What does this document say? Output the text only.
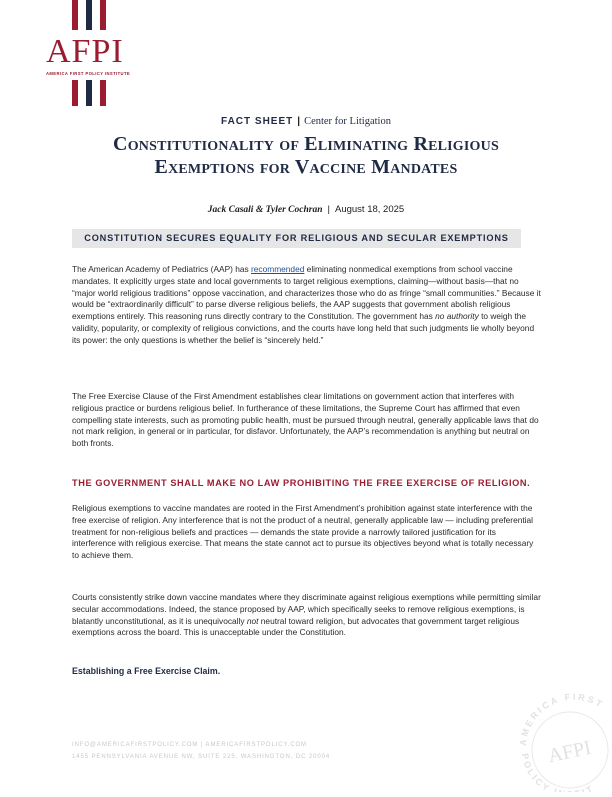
AFPI
AMERICA FIRST POLICY INSTITUTE
FACT SHEET | Center for Litigation
Constitutionality of Eliminating Religious Exemptions for Vaccine Mandates
Jack Casali & Tyler Cochran | August 18, 2025
CONSTITUTION SECURES EQUALITY FOR RELIGIOUS AND SECULAR EXEMPTIONS
The American Academy of Pediatrics (AAP) has recommended eliminating nonmedical exemptions from school vaccine mandates. It explicitly urges state and local governments to target religious exemptions, claiming—without basis—that no “major world religious traditions” oppose vaccination, and characterizes those who do as fringe “small communities.” Because it would be “extraordinarily difficult” to parse diverse religious beliefs, the AAP suggests that government abolish religious exemptions entirely. This reasoning runs directly contrary to the Constitution. The government has no authority to weigh the validity, popularity, or complexity of religious convictions, and the courts have long held that such judgments lie wholly beyond its power: the only questions is whether the belief is “sincerely held.”
The Free Exercise Clause of the First Amendment establishes clear limitations on government action that interferes with religious practice or burdens religious belief. In furtherance of these limitations, the Supreme Court has affirmed that even compelling state interests, such as promoting public health, must be pursued through neutral, generally applicable laws that do not mark religion, in general or in particular, for disfavor. Unfortunately, the AAP’s recommendation is anything but neutral on both fronts.
THE GOVERNMENT SHALL MAKE NO LAW PROHIBITING THE FREE EXERCISE OF RELIGION.
Religious exemptions to vaccine mandates are rooted in the First Amendment’s prohibition against state interference with the free exercise of religion. Any interference that is not the product of a neutral, generally applicable law — including preferential treatment for non-religious beliefs and practices — demands the state provide a narrowly tailored justification for its interference with religious exercise. That means the state cannot act to pursue its objectives beyond what is totally necessary to achieve them.
Courts consistently strike down vaccine mandates where they discriminate against religious exemptions while permitting similar secular accommodations. Indeed, the stance proposed by AAP, which specifically seeks to remove religious exemptions, is blatantly unconstitutional, as it is unequivocally not neutral toward religion, but advocates that government target religious exemptions across the board. This is unacceptable under the Constitution.
Establishing a Free Exercise Claim.
INFO@AMERICAFIRSTPOLICY.COM | AMERICAFIRSTPOLICY.COM
1455 PENNSYLVANIA AVENUE NW, SUITE 225, WASHINGTON, DC 20004
AMERICA FIRST
POLICY IT
AFPI
